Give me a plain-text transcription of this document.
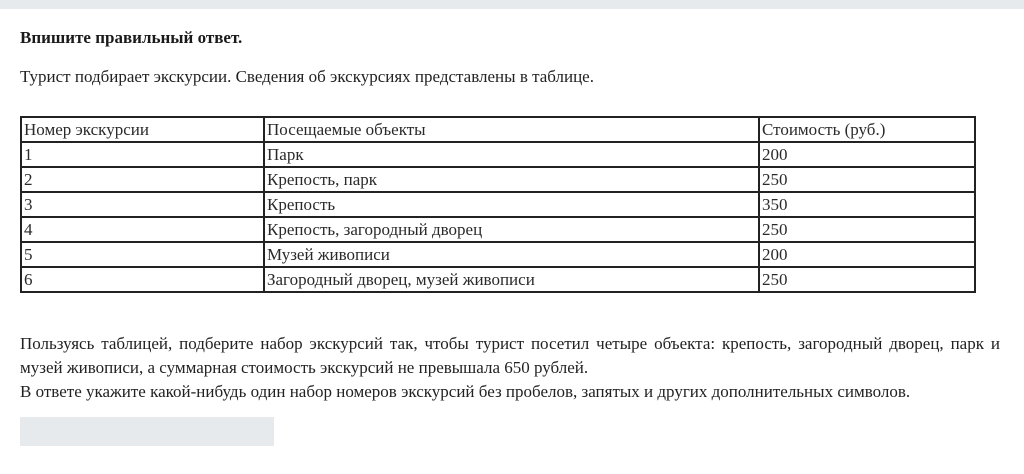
Впишите правильный ответ.
Турист подбирает экскурсии. Сведения об экскурсиях представлены в таблице.
Номер экскурсии	Посещаемые объекты	Стоимость (руб.)
1	Парк	200
2	Крепость, парк	250
3	Крепость	350
4	Крепость, загородный дворец	250
5	Музей живописи	200
6	Загородный дворец, музей живописи	250

Пользуясь таблицей, подберите набор экскурсий так, чтобы турист посетил четыре объекта: крепость, загородный дворец, парк и музей живописи, а суммарная стоимость экскурсий не превышала 650 рублей.

В ответе укажите какой-нибудь один набор номеров экскурсий без пробелов, запятых и других дополнительных символов.
